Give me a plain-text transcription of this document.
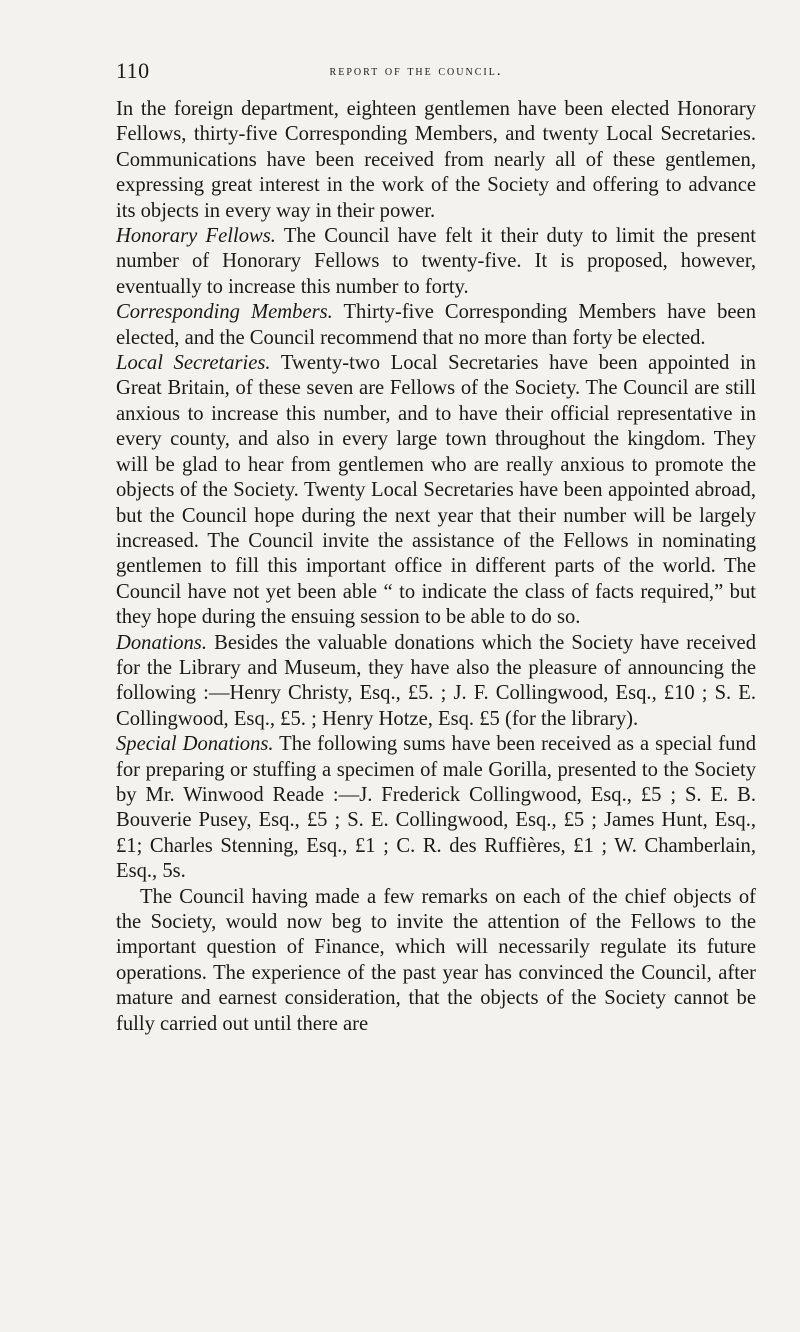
110	report of the council.

In the foreign department, eighteen gentlemen have been elected Honorary Fellows, thirty-five Corresponding Members, and twenty Local Secretaries. Communications have been received from nearly all of these gentlemen, expressing great interest in the work of the Society and offering to advance its objects in every way in their power.

Honorary Fellows. The Council have felt it their duty to limit the present number of Honorary Fellows to twenty-five. It is proposed, however, eventually to increase this number to forty.

Corresponding Members. Thirty-five Corresponding Members have been elected, and the Council recommend that no more than forty be elected.

Local Secretaries. Twenty-two Local Secretaries have been appointed in Great Britain, of these seven are Fellows of the Society. The Council are still anxious to increase this number, and to have their official representative in every county, and also in every large town throughout the kingdom. They will be glad to hear from gentlemen who are really anxious to promote the objects of the Society. Twenty Local Secretaries have been appointed abroad, but the Council hope during the next year that their number will be largely increased. The Council invite the assistance of the Fellows in nominating gentlemen to fill this important office in different parts of the world. The Council have not yet been able “ to indicate the class of facts required,” but they hope during the ensuing session to be able to do so.

Donations. Besides the valuable donations which the Society have received for the Library and Museum, they have also the pleasure of announcing the following :—Henry Christy, Esq., £5. ; J. F. Collingwood, Esq., £10 ; S. E. Collingwood, Esq., £5. ; Henry Hotze, Esq. £5 (for the library).

Special Donations. The following sums have been received as a special fund for preparing or stuffing a specimen of male Gorilla, presented to the Society by Mr. Winwood Reade :—J. Frederick Collingwood, Esq., £5 ; S. E. B. Bouverie Pusey, Esq., £5 ; S. E. Collingwood, Esq., £5 ; James Hunt, Esq., £1; Charles Stenning, Esq., £1 ; C. R. des Ruffières, £1 ; W. Chamberlain, Esq., 5s.

The Council having made a few remarks on each of the chief objects of the Society, would now beg to invite the attention of the Fellows to the important question of Finance, which will necessarily regulate its future operations. The experience of the past year has convinced the Council, after mature and earnest consideration, that the objects of the Society cannot be fully carried out until there are
